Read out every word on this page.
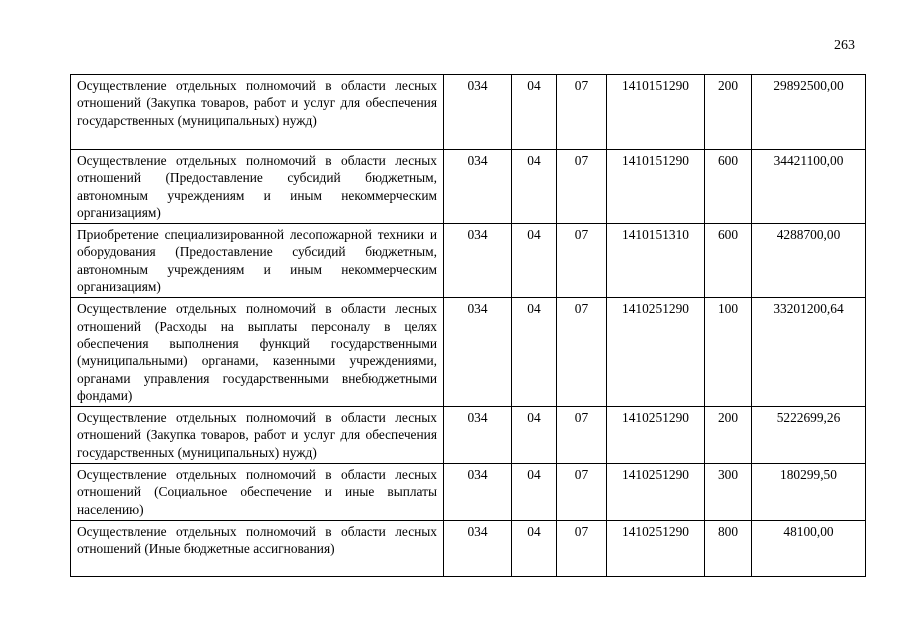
263
Осуществление отдельных полномочий в области лесных отношений (Закупка товаров, работ и услуг для обеспечения государственных (муниципальных) нужд)	034	04	07	1410151290	200	29892500,00
Осуществление отдельных полномочий в области лесных отношений (Предоставление субсидий бюджетным, автономным учреждениям и иным некоммерческим организациям)	034	04	07	1410151290	600	34421100,00
Приобретение специализированной лесопожарной техники и оборудования (Предоставление субсидий бюджетным, автономным учреждениям и иным некоммерческим организациям)	034	04	07	1410151310	600	4288700,00
Осуществление отдельных полномочий в области лесных отношений (Расходы на выплаты персоналу в целях обеспечения выполнения функций государственными (муниципальными) органами, казенными учреждениями, органами управления государственными внебюджетными фондами)	034	04	07	1410251290	100	33201200,64
Осуществление отдельных полномочий в области лесных отношений (Закупка товаров, работ и услуг для обеспечения государственных (муниципальных) нужд)	034	04	07	1410251290	200	5222699,26
Осуществление отдельных полномочий в области лесных отношений (Социальное обеспечение и иные выплаты населению)	034	04	07	1410251290	300	180299,50
Осуществление отдельных полномочий в области лесных отношений (Иные бюджетные ассигнования)	034	04	07	1410251290	800	48100,00
